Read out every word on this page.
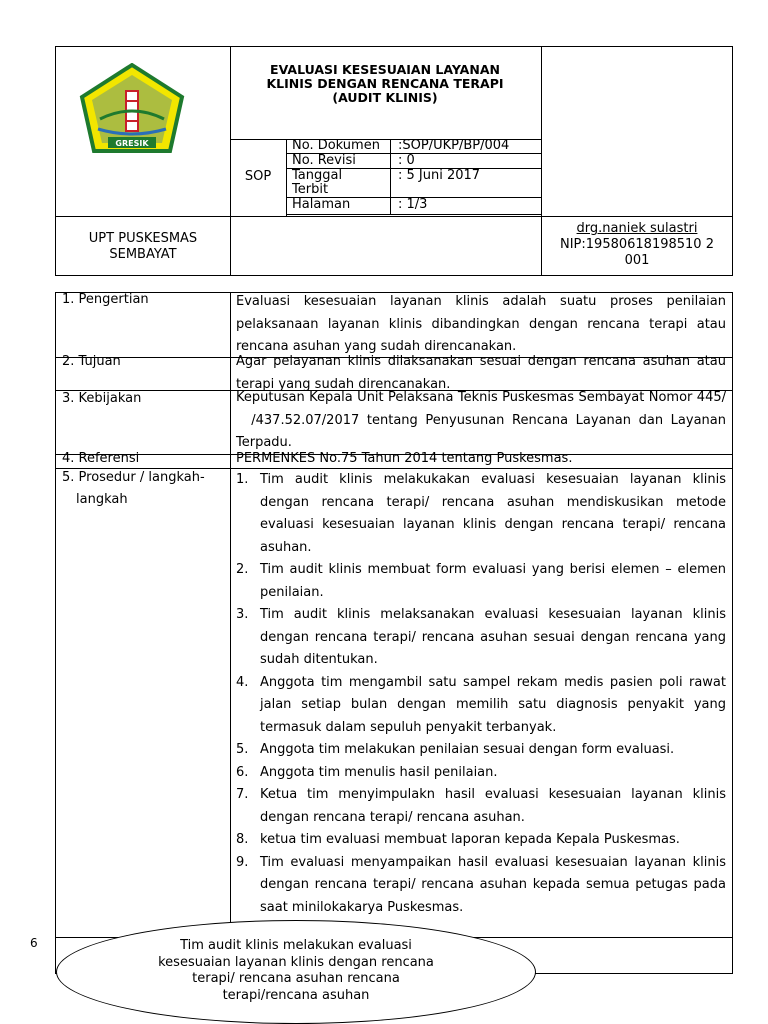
GRESIK
EVALUASI KESESUAIAN LAYANAN
KLINIS DENGAN RENCANA TERAPI
(AUDIT KLINIS)
SOP
No. Dokumen :SOP/UKP/BP/004
No. Revisi	: 0
Tanggal
Terbit
: 5 Juni 2017
Halaman	: 1/3
UPT PUSKESMAS
SEMBAYAT
drg.naniek sulastri
NIP:19580618198510 2
001
1. Pengertian	Evaluasi kesesuaian layanan klinis adalah suatu proses penilaian pelaksanaan layanan klinis dibandingkan dengan rencana terapi atau rencana asuhan yang sudah direncanakan.
2. Tujuan	Agar pelayanan klinis dilaksanakan sesuai dengan rencana asuhan atau terapi yang sudah direncanakan.
3. Kebijakan	Keputusan Kepala Unit Pelaksana Teknis Puskesmas Sembayat Nomor 445/   /437.52.07/2017 tentang Penyusunan Rencana Layanan dan Layanan Terpadu.
4. Referensi	PERMENKES No.75 Tahun 2014 tentang Puskesmas.
5. Prosedur / langkah-
langkah
1. Tim audit klinis melakukakan evaluasi kesesuaian layanan klinis dengan rencana terapi/ rencana asuhan mendiskusikan metode evaluasi kesesuaian layanan klinis dengan rencana terapi/ rencana asuhan.
2. Tim audit klinis membuat form evaluasi yang berisi elemen – elemen penilaian.
3. Tim audit klinis melaksanakan evaluasi kesesuaian layanan klinis dengan rencana terapi/ rencana asuhan sesuai dengan rencana yang sudah ditentukan.
4. Anggota tim mengambil satu sampel rekam medis pasien poli rawat jalan setiap bulan dengan memilih satu diagnosis penyakit yang termasuk dalam sepuluh penyakit terbanyak.
5. Anggota tim melakukan penilaian sesuai dengan form evaluasi.
6. Anggota tim menulis hasil penilaian.
7. Ketua tim menyimpulakn hasil evaluasi kesesuaian layanan klinis dengan rencana terapi/ rencana asuhan.
8. ketua tim evaluasi membuat laporan kepada Kepala Puskesmas.
9. Tim evaluasi menyampaikan hasil evaluasi kesesuaian layanan klinis dengan rencana terapi/ rencana asuhan kepada semua petugas pada saat minilokakarya Puskesmas.
6	Tim audit klinis melakukan evaluasi
kesesuaian layanan klinis dengan rencana
terapi/ rencana asuhan rencana
terapi/rencana asuhan
